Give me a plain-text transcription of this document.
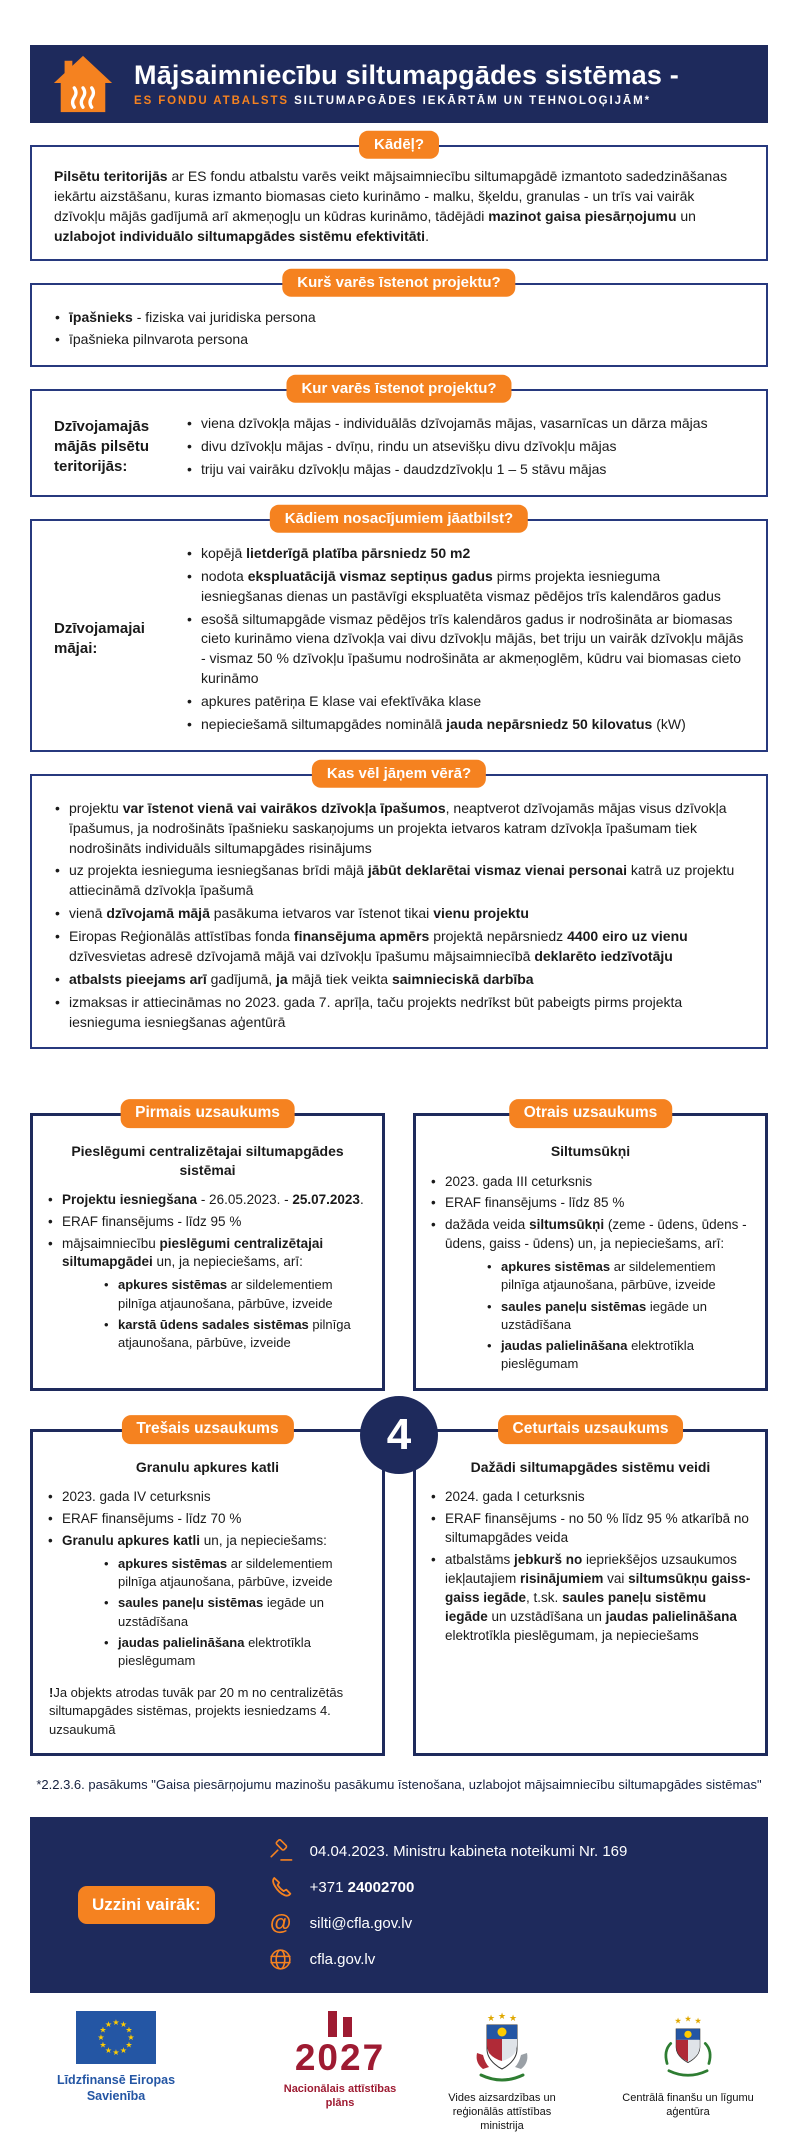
Mājsaimniecību siltumapgādes sistēmas -
ES FONDU ATBALSTS SILTUMAPGĀDES IEKĀRTĀM UN TEHNOLOĢIJĀM*
Kādēļ?

Pilsētu teritorijās ar ES fondu atbalstu varēs veikt mājsaimniecību siltumapgādē izmantoto sadedzināšanas iekārtu aizstāšanu, kuras izmanto biomasas cieto kurināmo - malku, šķeldu, granulas - un trīs vai vairāk dzīvokļu mājās gadījumā arī akmeņogļu un kūdras kurināmo, tādējādi mazinot gaisa piesārņojumu un uzlabojot individuālo siltumapgādes sistēmu efektivitāti.

Kurš varēs īstenot projektu?
• īpašnieks - fiziska vai juridiska persona
• īpašnieka pilnvarota persona
Kur varēs īstenot projektu?
Dzīvojamajās mājās pilsētu teritorijās:
• viena dzīvokļa mājas - individuālās dzīvojamās mājas, vasarnīcas un dārza mājas
• divu dzīvokļu mājas - dvīņu, rindu un atsevišķu divu dzīvokļu mājas
• triju vai vairāku dzīvokļu mājas - daudzdzīvokļu 1 – 5 stāvu mājas
Kādiem nosacījumiem jāatbilst?
Dzīvojamajai mājai:
• kopējā lietderīgā platība pārsniedz 50 m2
• nodota ekspluatācijā vismaz septiņus gadus pirms projekta iesnieguma iesniegšanas dienas un pastāvīgi ekspluatēta vismaz pēdējos trīs kalendāros gadus
• esošā siltumapgāde vismaz pēdējos trīs kalendāros gadus ir nodrošināta ar biomasas cieto kurināmo viena dzīvokļa vai divu dzīvokļu mājās, bet triju un vairāk dzīvokļu mājās - vismaz 50 % dzīvokļu īpašumu nodrošināta ar akmeņoglēm, kūdru vai biomasas cieto kurināmo
• apkures patēriņa E klase vai efektīvāka klase
• nepieciešamā siltumapgādes nominālā jauda nepārsniedz 50 kilovatus (kW)
Kas vēl jāņem vērā?
• projektu var īstenot vienā vai vairākos dzīvokļa īpašumos, neaptverot dzīvojamās mājas visus dzīvokļa īpašumus, ja nodrošināts īpašnieku saskaņojums un projekta ietvaros katram dzīvokļa īpašumam tiek nodrošināts individuāls siltumapgādes risinājums
• uz projekta iesnieguma iesniegšanas brīdi mājā jābūt deklarētai vismaz vienai personai katrā uz projektu attiecināmā dzīvokļa īpašumā
• vienā dzīvojamā mājā pasākuma ietvaros var īstenot tikai vienu projektu
• Eiropas Reģionālās attīstības fonda finansējuma apmērs projektā nepārsniedz 4400 eiro uz vienu dzīvesvietas adresē dzīvojamā mājā vai dzīvokļu īpašumu mājsaimniecībā deklarēto iedzīvotāju
• atbalsts pieejams arī gadījumā, ja mājā tiek veikta saimnieciskā darbība
• izmaksas ir attiecināmas no 2023. gada 7. aprīļa, taču projekts nedrīkst būt pabeigts pirms projekta iesnieguma iesniegšanas aģentūrā
Pirmais uzsaukums
Pieslēgumi centralizētajai siltumapgādes sistēmai
• Projektu iesniegšana - 26.05.2023. - 25.07.2023.
• ERAF finansējums - līdz 95 %
• mājsaimniecību pieslēgumi centralizētajai siltumapgādei un, ja nepieciešams, arī:
• apkures sistēmas ar sildelementiem pilnīga atjaunošana, pārbūve, izveide
• karstā ūdens sadales sistēmas pilnīga atjaunošana, pārbūve, izveide
Otrais uzsaukums
Siltumsūkņi
• 2023. gada III ceturksnis
• ERAF finansējums - līdz 85 %
• dažāda veida siltumsūkņi (zeme - ūdens, ūdens - ūdens, gaiss - ūdens) un, ja nepieciešams, arī:
• apkures sistēmas ar sildelementiem pilnīga atjaunošana, pārbūve, izveide
• saules paneļu sistēmas iegāde un uzstādīšana
• jaudas palielināšana elektrotīkla pieslēgumam
Trešais uzsaukums
Granulu apkures katli
• 2023. gada IV ceturksnis
• ERAF finansējums - līdz 70 %
• Granulu apkures katli un, ja nepieciešams:
• apkures sistēmas ar sildelementiem pilnīga atjaunošana, pārbūve, izveide
• saules paneļu sistēmas iegāde un uzstādīšana
• jaudas palielināšana elektrotīkla pieslēgumam
!Ja objekts atrodas tuvāk par 20 m no centralizētās siltumapgādes sistēmas, projekts iesniedzams 4. uzsaukumā
Ceturtais uzsaukums
Dažādi siltumapgādes sistēmu veidi
• 2024. gada I ceturksnis
• ERAF finansējums - no 50 % līdz 95 % atkarībā no siltumapgādes veida
• atbalstāms jebkurš no iepriekšējos uzsaukumos iekļautajiem risinājumiem vai siltumsūkņu gaiss-gaiss iegāde, t.sk. saules paneļu sistēmu iegāde un uzstādīšana un jaudas palielināšana elektrotīkla pieslēgumam, ja nepieciešams
4
*2.2.3.6. pasākums "Gaisa piesārņojumu mazinošu pasākumu īstenošana, uzlabojot mājsaimniecību siltumapgādes sistēmas"
Uzzini vairāk:
04.04.2023. Ministru kabineta noteikumi Nr. 169
+371 24002700
@ silti@cfla.gov.lv
cfla.gov.lv
★ ★
★
★
★
★
★
★
★
★
★
★
Līdzfinansē Eiropas Savienība
2027
Nacionālais attīstības plāns
★ ★ ★
Vides aizsardzības un reģionālās attīstības ministrija
★ ★ ★
Centrālā finanšu un līgumu aģentūra
